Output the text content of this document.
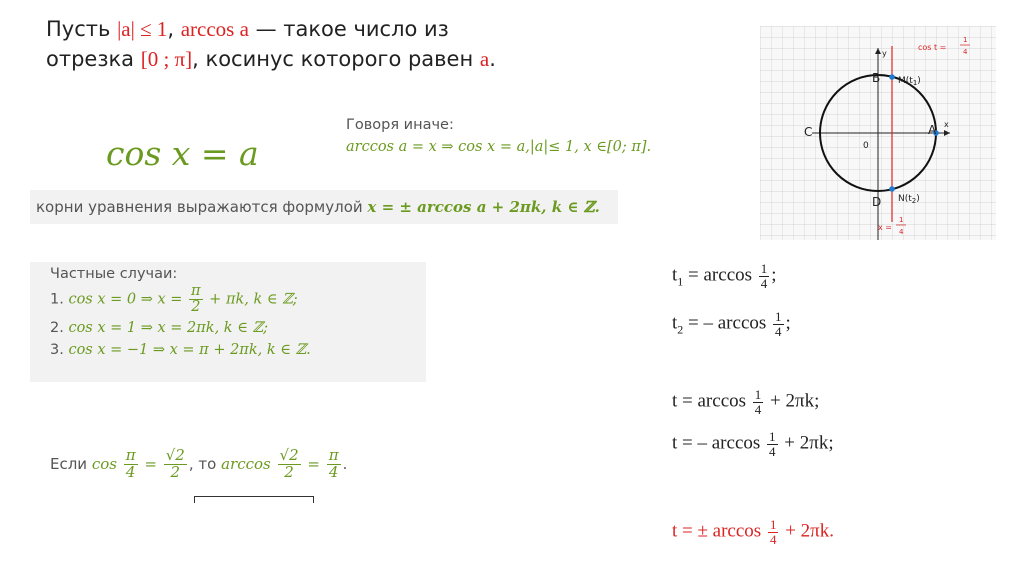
Пусть |a| ≤ 1, arccos a — такое число из
отрезка [0 ; π], косинус которого равен a.
cos x = a
Говоря иначе:
arccos a = x ⇒ cos x = a,|a|≤ 1, x ∈[0; π].
корни уравнения выражаются формулой x = ± arccos a + 2πk, k ∈ ℤ.
Частные случаи:
1. cos x = 0 ⇒ $x = \frac{\pi}{2} + \pi k$, k ∈ ℤ;
2. cos x = 1 ⇒ x = 2πk, k ∈ ℤ;
3. cos x = −1 ⇒ x = π + 2πk, k ∈ ℤ.
Если $\cos \frac{\pi}{4} = \frac{√2}{2}$ , то $\arccos \frac{√2}{2} = \frac{\pi}{4}$ .
y
x
B
C	A
D
0
$M(t_1)$
$N(t_2)$
cos t =
1
4
x =
1
4
$t_1 = \arccos \frac{1}{4}$ ;
$t_2$ = – $\arccos \frac{1}{4}$ ;
$t = \arccos \frac{1}{4} + 2\pi k$;
t = – $\arccos \frac{1}{4} + 2\pi k$;
t = ± $\arccos \frac{1}{4} + 2\pi k$.
